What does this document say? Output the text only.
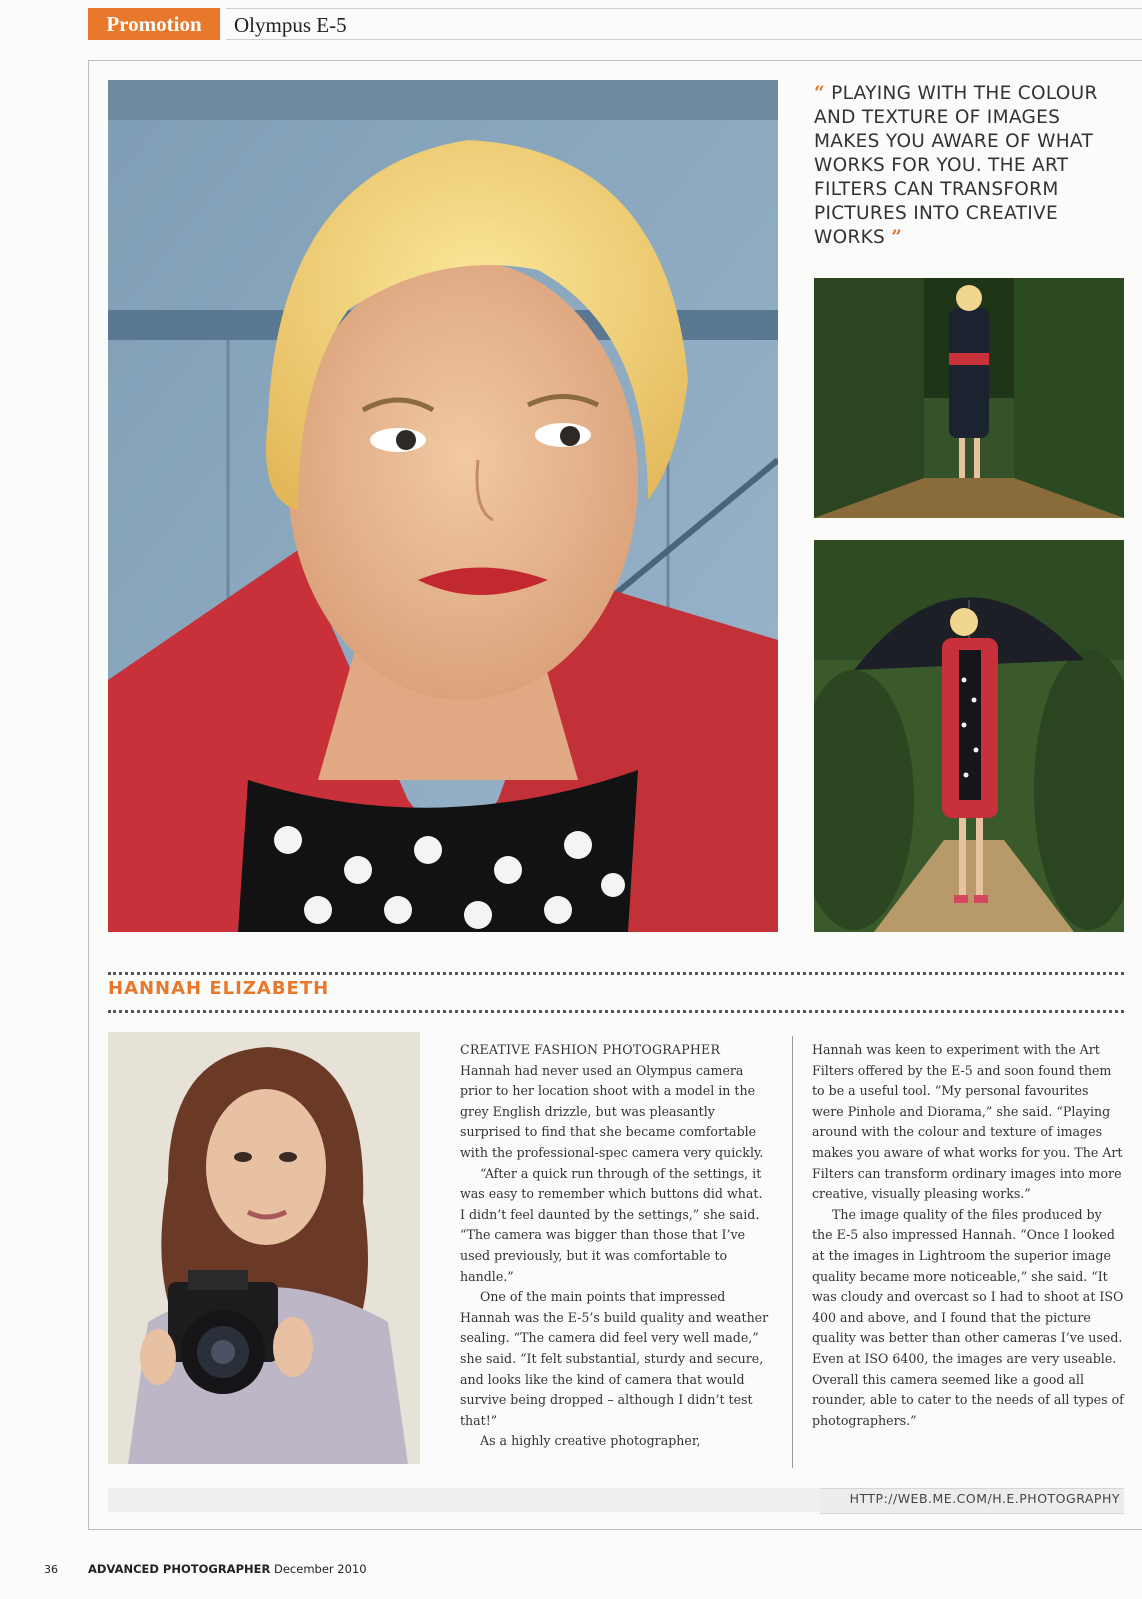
Promotion	Olympus E-5
“ PLAYING WITH THE COLOUR AND TEXTURE OF IMAGES MAKES YOU AWARE OF WHAT WORKS FOR YOU. THE ART FILTERS CAN TRANSFORM PICTURES INTO CREATIVE WORKS ”
HANNAH ELIZABETH

CREATIVE FASHION PHOTOGRAPHER

Hannah had never used an Olympus camera prior to her location shoot with a model in the grey English drizzle, but was pleasantly surprised to find that she became comfortable with the professional-spec camera very quickly.

“After a quick run through of the settings, it was easy to remember which buttons did what. I didn’t feel daunted by the settings,” she said. “The camera was bigger than those that I’ve used previously, but it was comfortable to handle.”

One of the main points that impressed Hannah was the E-5’s build quality and weather sealing. “The camera did feel very well made,” she said. “It felt substantial, sturdy and secure, and looks like the kind of camera that would survive being dropped – although I didn’t test that!”

As a highly creative photographer,

Hannah was keen to experiment with the Art Filters offered by the E-5 and soon found them to be a useful tool. “My personal favourites were Pinhole and Diorama,” she said. “Playing around with the colour and texture of images makes you aware of what works for you. The Art Filters can transform ordinary images into more creative, visually pleasing works.”

The image quality of the files produced by the E-5 also impressed Hannah. “Once I looked at the images in Lightroom the superior image quality became more noticeable,” she said. “It was cloudy and overcast so I had to shoot at ISO 400 and above, and I found that the picture quality was better than other cameras I’ve used. Even at ISO 6400, the images are very useable. Overall this camera seemed like a good all rounder, able to cater to the needs of all types of photographers.”

HTTP://WEB.ME.COM/H.E.PHOTOGRAPHY
36	ADVANCED PHOTOGRAPHER December 2010
